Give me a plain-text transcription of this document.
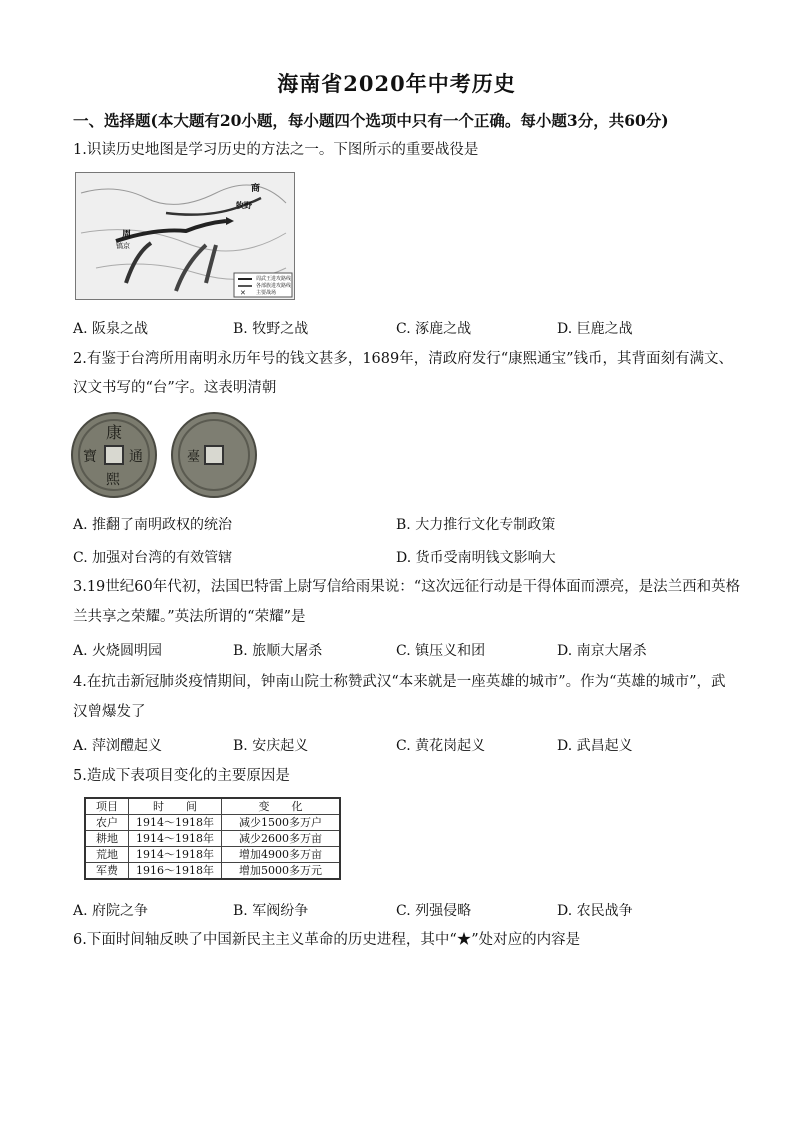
海南省2020年中考历史
一、选择题(本大题有20小题，每小题四个选项中只有一个正确。每小题3分，共60分)
1.识读历史地图是学习历史的方法之一。下图所示的重要战役是
✕
周
镐京
牧野
商
周武王进攻路线
各部族进攻路线
主要战场
A. 阪泉之战	B. 牧野之战	C. 涿鹿之战	D. 巨鹿之战
2.有鉴于台湾所用南明永历年号的钱文甚多，1689年，清政府发行“康熙通宝”钱币，其背面刻有满文、
汉文书写的“台”字。这表明清朝
康
通
熙
寶	臺
A. 推翻了南明政权的统治	B. 大力推行文化专制政策
C. 加强对台湾的有效管辖	D. 货币受南明钱文影响大
3.19世纪60年代初，法国巴特雷上尉写信给雨果说：“这次远征行动是干得体面而漂亮，是法兰西和英格
兰共享之荣耀。”英法所谓的“荣耀”是
A. 火烧圆明园	B. 旅顺大屠杀	C. 镇压义和团	D. 南京大屠杀
4.在抗击新冠肺炎疫情期间，钟南山院士称赞武汉“本来就是一座英雄的城市”。作为“英雄的城市”，武
汉曾爆发了
A. 萍浏醴起义	B. 安庆起义	C. 黄花岗起义	D. 武昌起义
5.造成下表项目变化的主要原因是
项目	时　　间	变　　化
农户	1914～1918年	减少1500多万户
耕地	1914～1918年	减少2600多万亩
荒地	1914～1918年	增加4900多万亩
军费	1916～1918年	增加5000多万元
A. 府院之争	B. 军阀纷争	C. 列强侵略	D. 农民战争
6.下面时间轴反映了中国新民主主义革命的历史进程，其中“★”处对应的内容是
